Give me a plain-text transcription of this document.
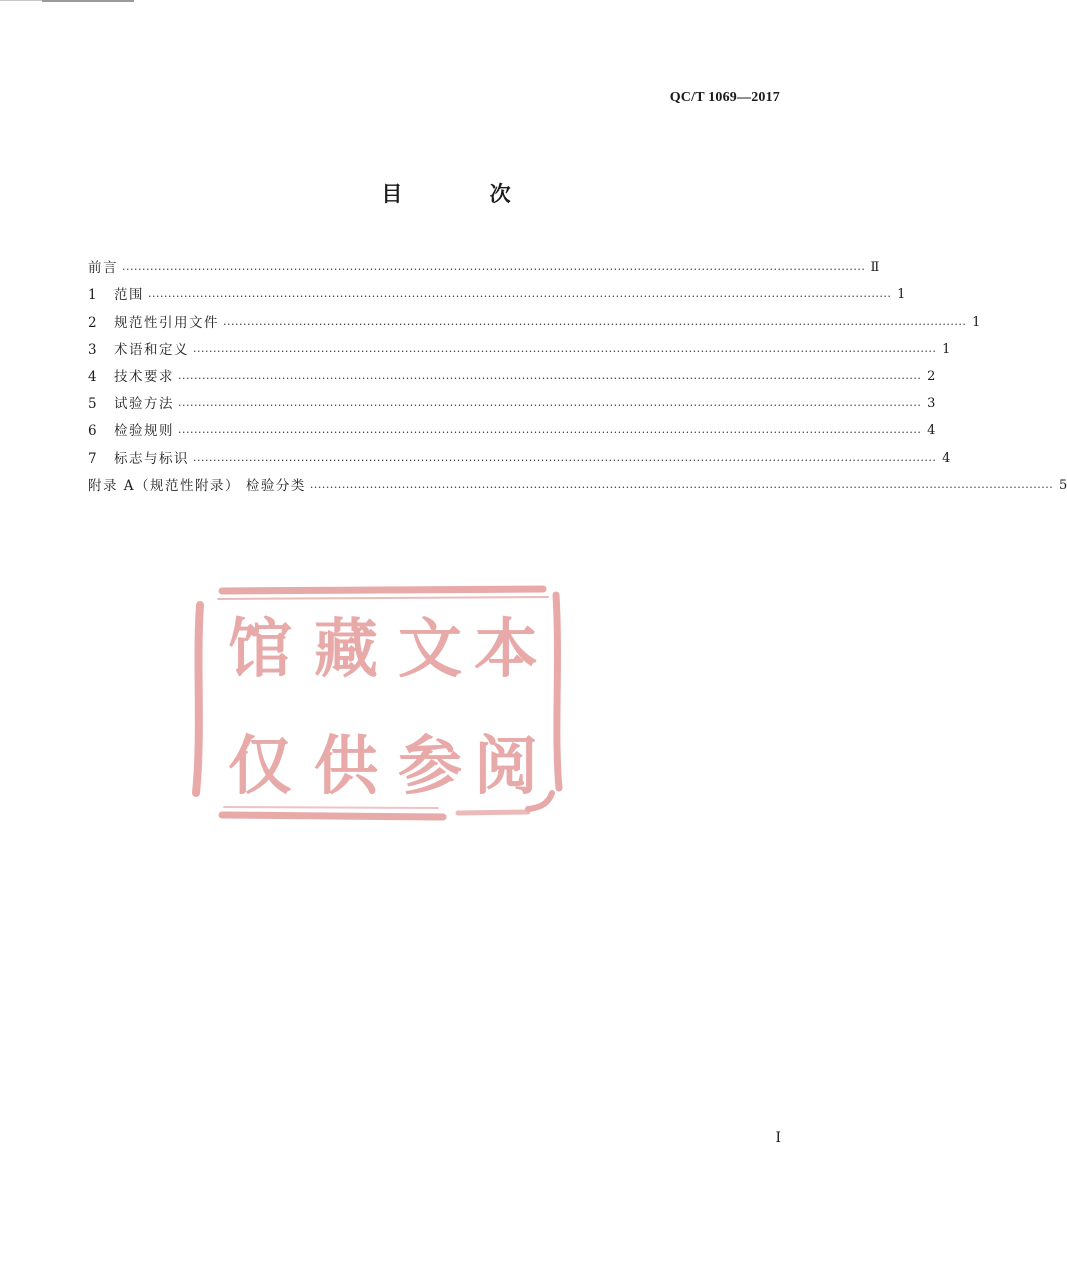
QC/T 1069—2017
目 次
前言 ·························································································································································································· Ⅱ
1	范围 ·························································································································································································· 1
2	规范性引用文件 ·························································································································································································· 1
3	术语和定义 ·························································································································································································· 1
4	技术要求 ·························································································································································································· 2
5	试验方法 ·························································································································································································· 3
6	检验规则 ·························································································································································································· 4
7	标志与标识 ·························································································································································································· 4
附录 A（规范性附录） 检验分类 ·························································································································································································· 5
馆 藏 文 本
仅 供 参 阅
I
